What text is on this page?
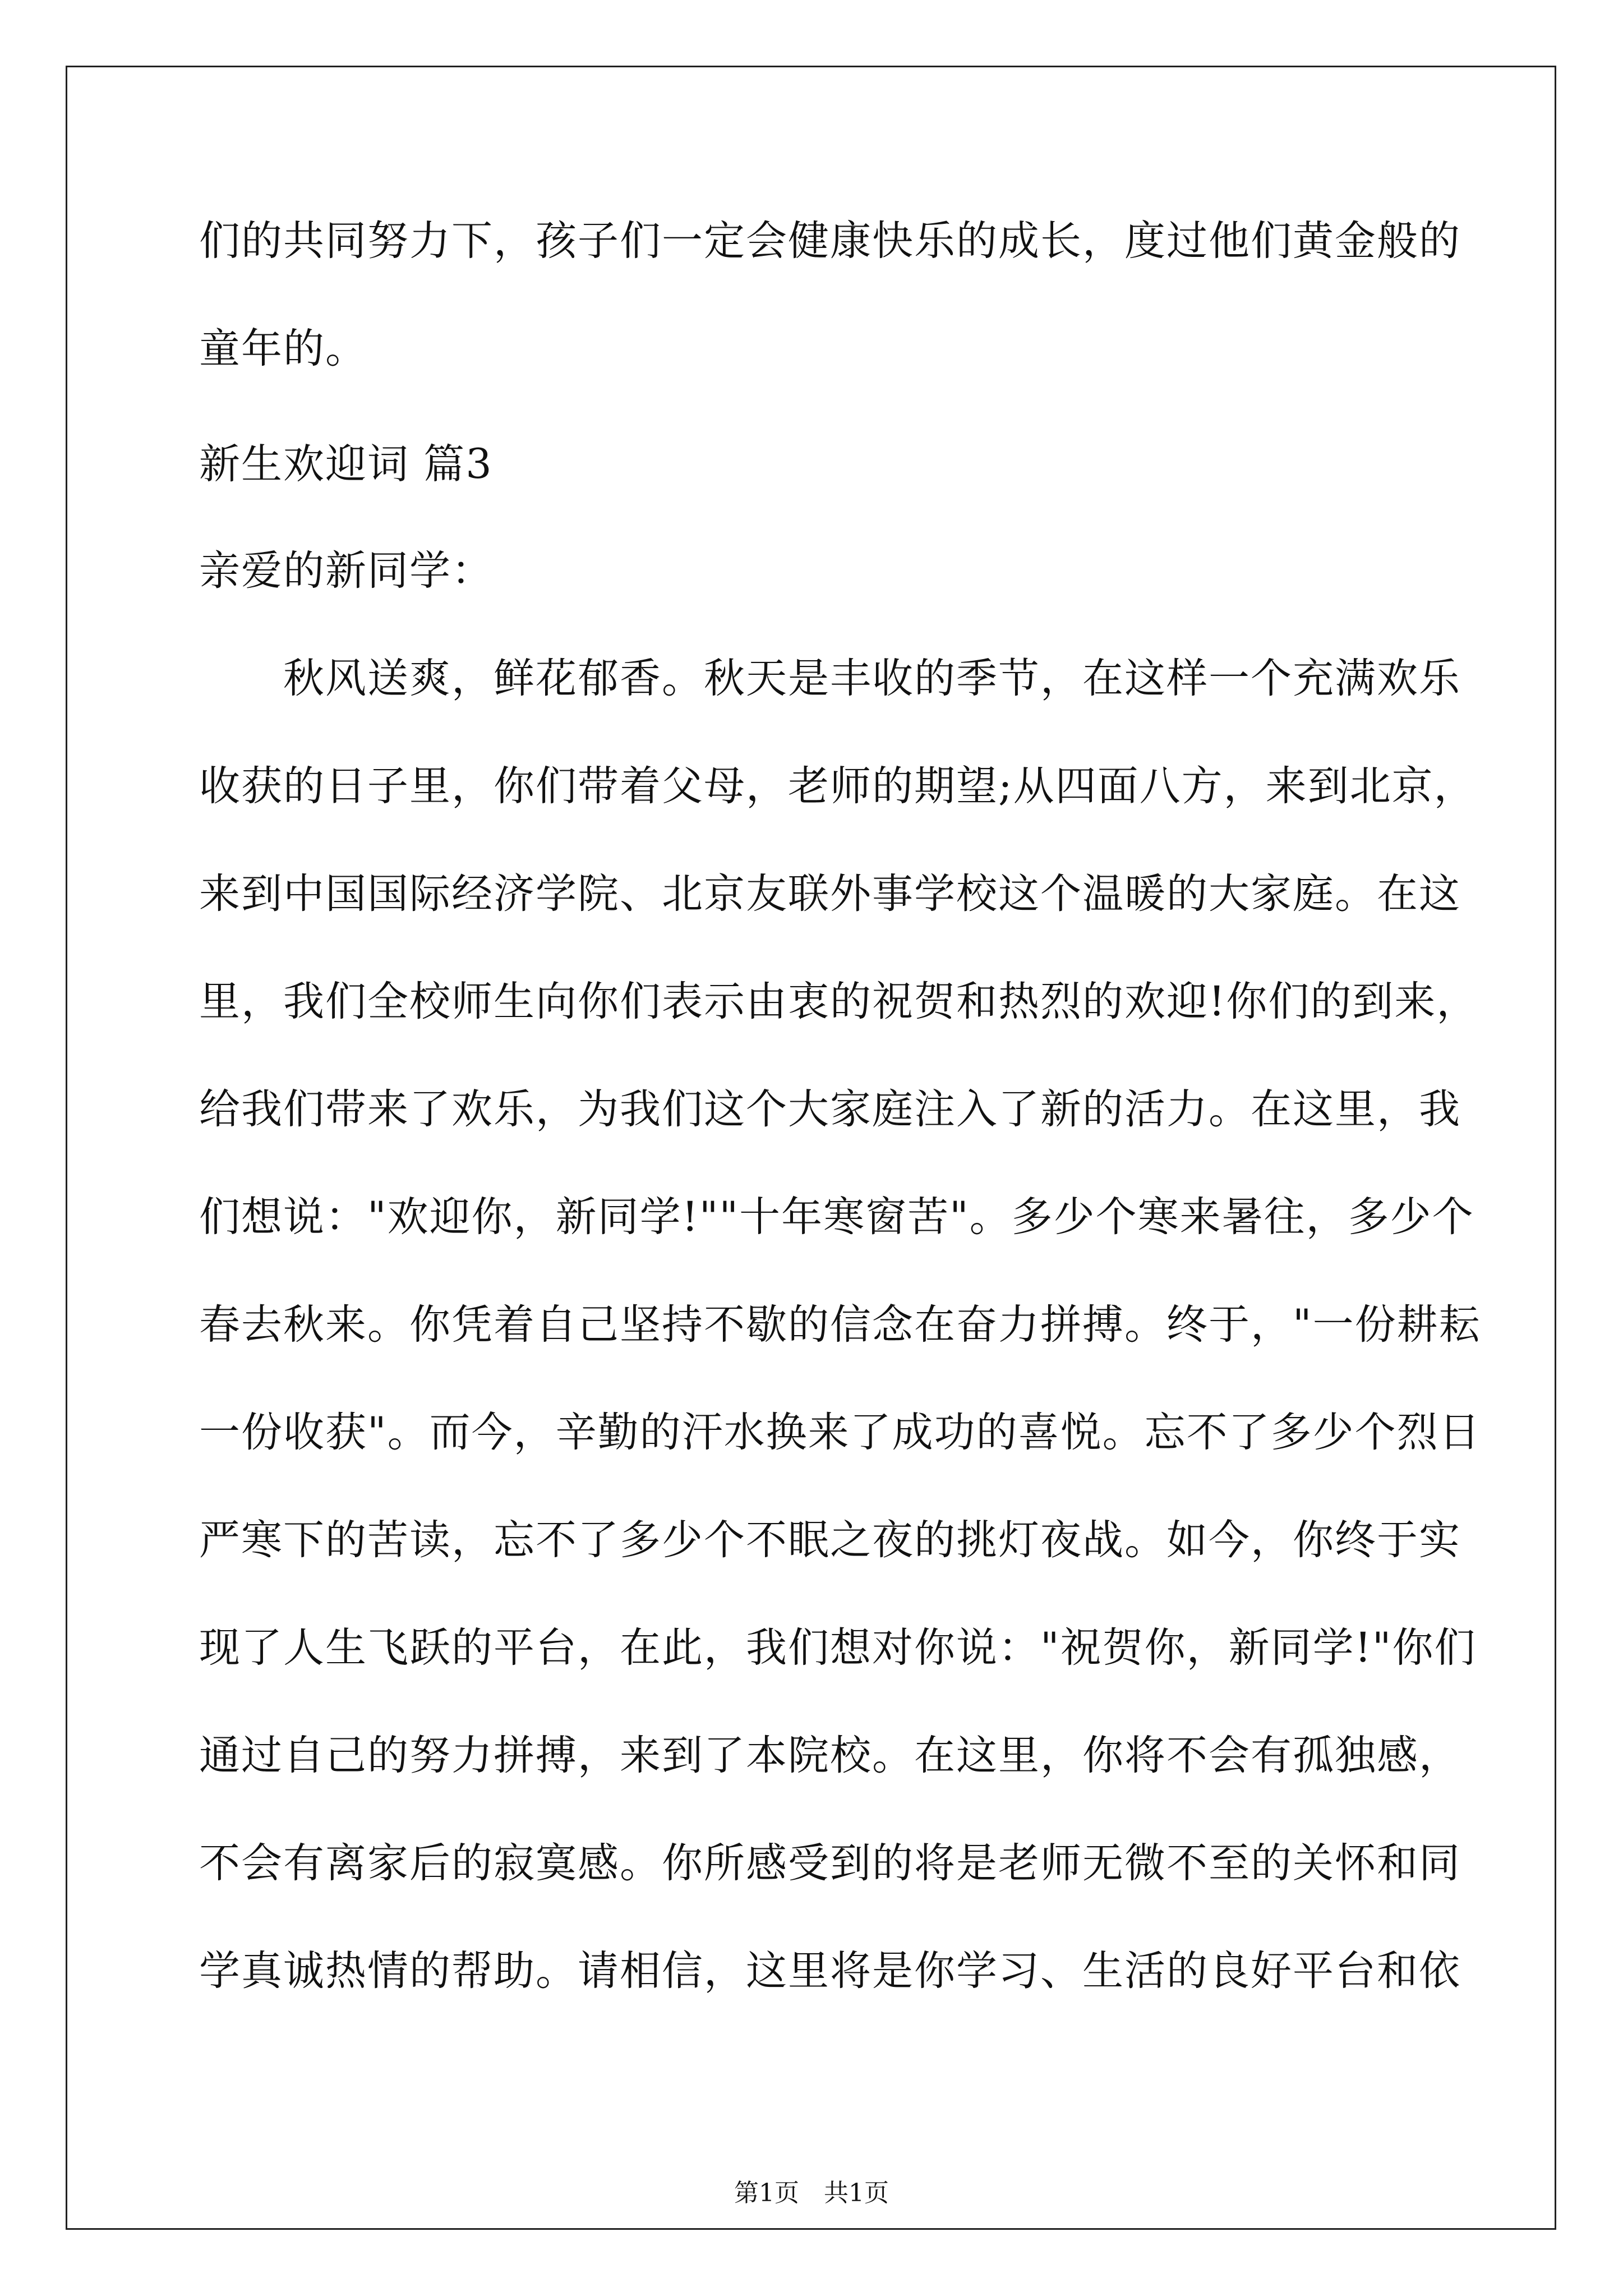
们的共同努力下，孩子们一定会健康快乐的成长，度过他们黄金般的
童年的。
新生欢迎词 篇3
亲爱的新同学：
　　秋风送爽，鲜花郁香。秋天是丰收的季节，在这样一个充满欢乐
收获的日子里，你们带着父母，老师的期望;从四面八方，来到北京，
来到中国国际经济学院、北京友联外事学校这个温暖的大家庭。在这
里，我们全校师生向你们表示由衷的祝贺和热烈的欢迎!你们的到来，
给我们带来了欢乐，为我们这个大家庭注入了新的活力。在这里，我
们想说："欢迎你，新同学!""十年寒窗苦"。多少个寒来暑往，多少个
春去秋来。你凭着自己坚持不歇的信念在奋力拼搏。终于，"一份耕耘
一份收获"。而今，辛勤的汗水换来了成功的喜悦。忘不了多少个烈日
严寒下的苦读，忘不了多少个不眠之夜的挑灯夜战。如今，你终于实
现了人生飞跃的平台，在此，我们想对你说："祝贺你，新同学!"你们
通过自己的努力拼搏，来到了本院校。在这里，你将不会有孤独感，
不会有离家后的寂寞感。你所感受到的将是老师无微不至的关怀和同
学真诚热情的帮助。请相信，这里将是你学习、生活的良好平台和依
第1页　共1页
